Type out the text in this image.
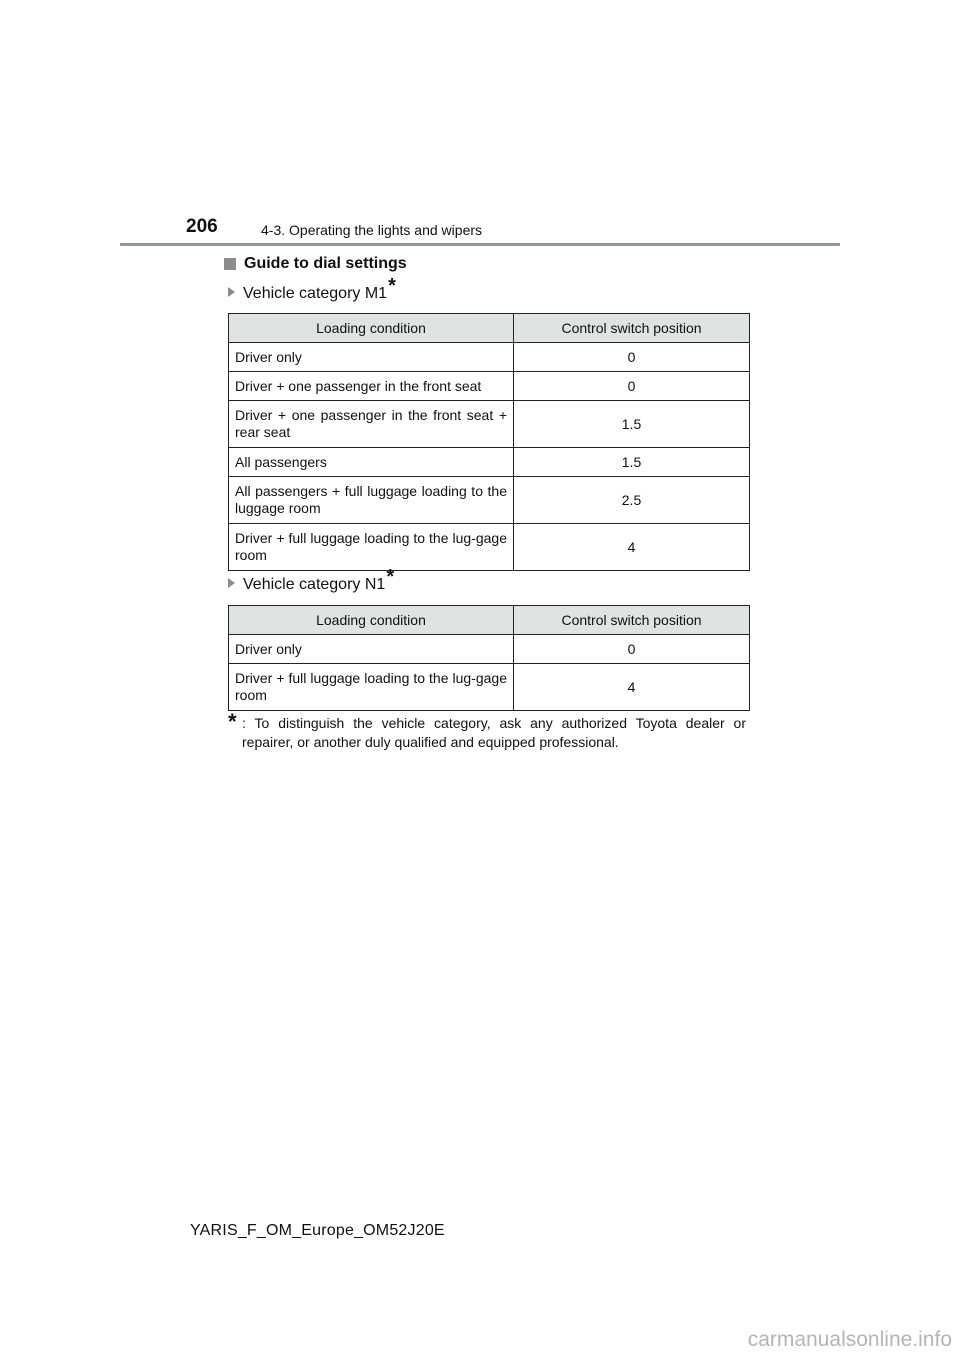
206	4-3. Operating the lights and wipers
Guide to dial settings
Vehicle category M1 *
Loading condition	Control switch position
Driver only	0
Driver + one passenger in the front seat	0
Driver + one passenger in the front seat + rear seat	1.5
All passengers	1.5
All passengers + full luggage loading to the luggage room	2.5
Driver + full luggage loading to the lug-gage room	4
Vehicle category N1 *
Loading condition	Control switch position
Driver only	0
Driver + full luggage loading to the lug-gage room	4
* : To distinguish the vehicle category, ask any authorized Toyota dealer or repairer, or another duly qualified and equipped professional.
YARIS_F_OM_Europe_OM52J20E
carmanualsonline.info
